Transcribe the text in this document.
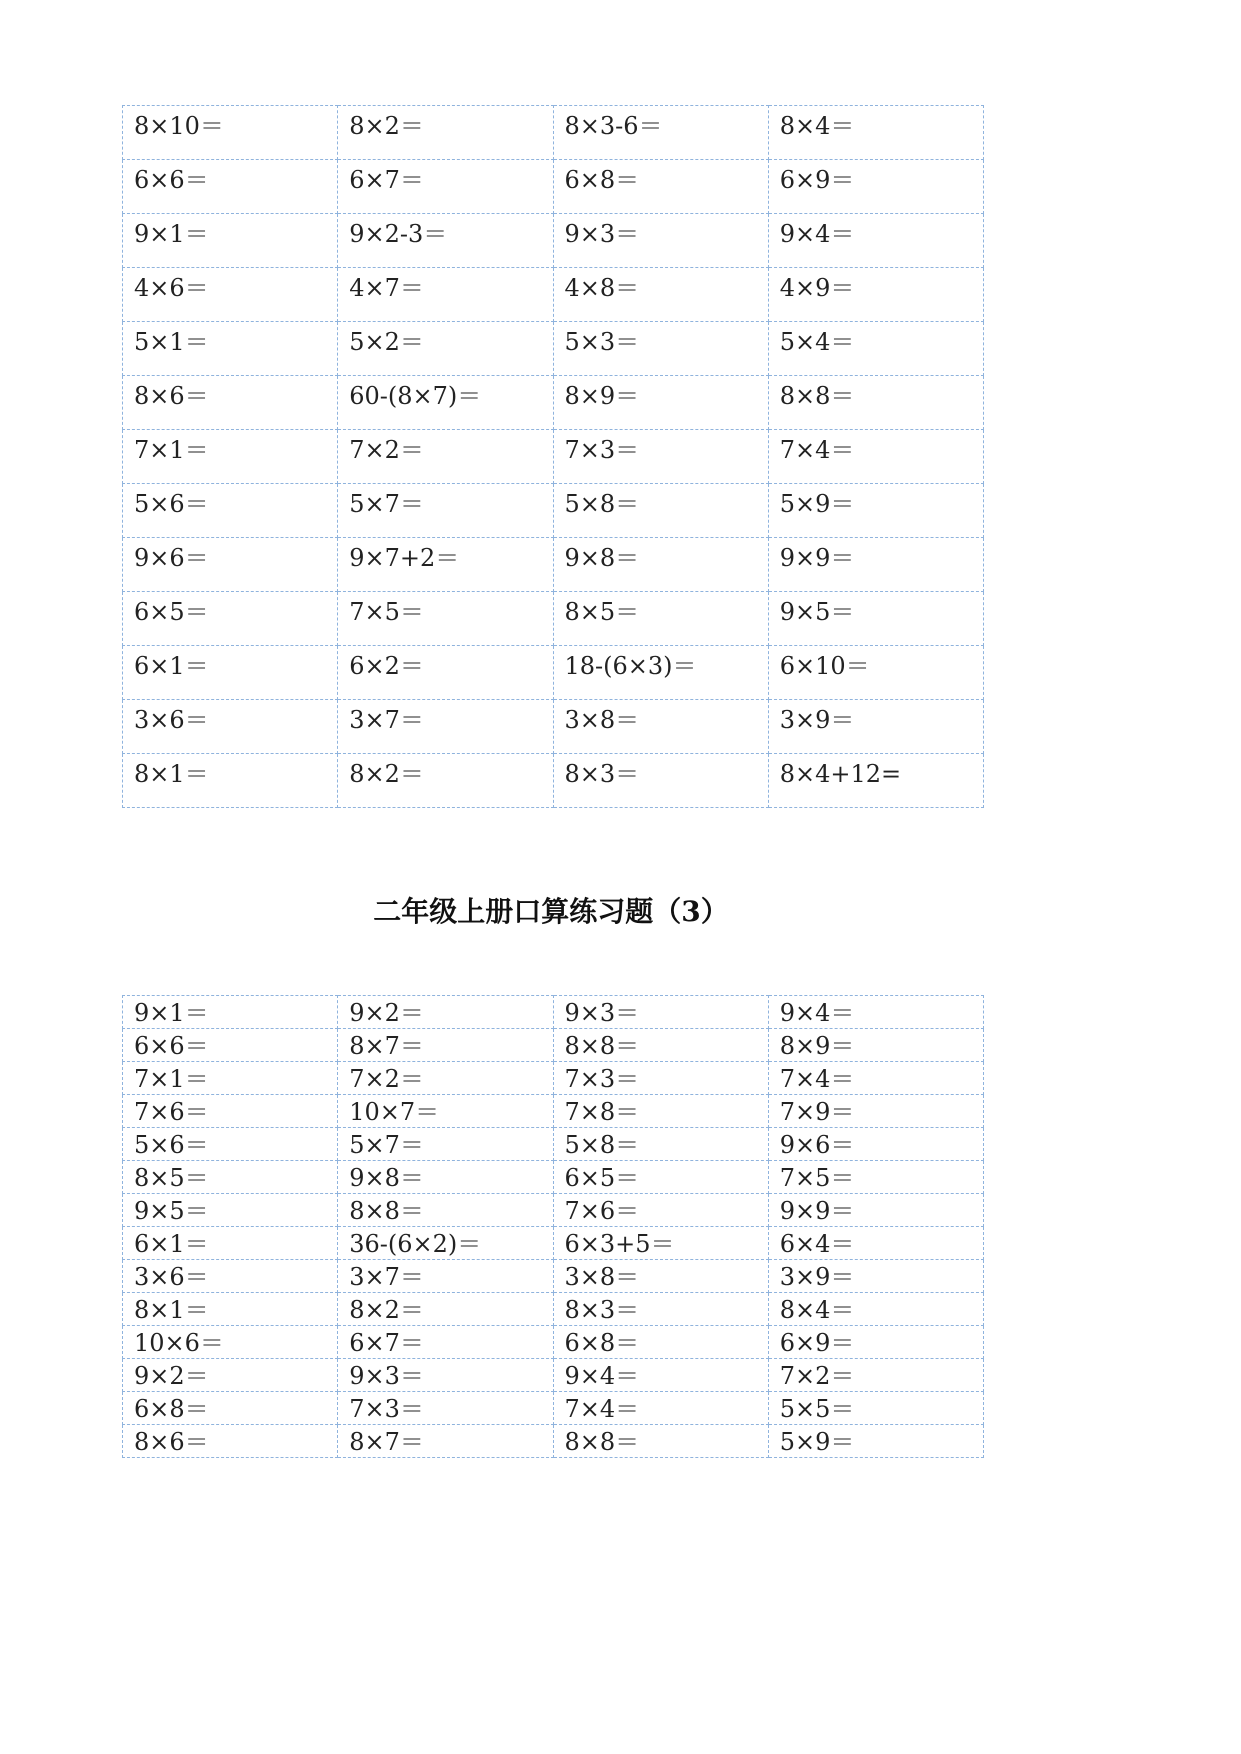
8×10＝	8×2＝	8×3-6＝	8×4＝
6×6＝	6×7＝	6×8＝	6×9＝
9×1＝	9×2-3＝	9×3＝	9×4＝
4×6＝	4×7＝	4×8＝	4×9＝
5×1＝	5×2＝	5×3＝	5×4＝
8×6＝	60-(8×7)＝	8×9＝	8×8＝
7×1＝	7×2＝	7×3＝	7×4＝
5×6＝	5×7＝	5×8＝	5×9＝
9×6＝	9×7+2＝	9×8＝	9×9＝
6×5＝	7×5＝	8×5＝	9×5＝
6×1＝	6×2＝	18-(6×3)＝	6×10＝
3×6＝	3×7＝	3×8＝	3×9＝
8×1＝	8×2＝	8×3＝	8×4+12=
二年级上册口算练习题（3）
9×1＝	9×2＝	9×3＝	9×4＝
6×6＝	8×7＝	8×8＝	8×9＝
7×1＝	7×2＝	7×3＝	7×4＝
7×6＝	10×7＝	7×8＝	7×9＝
5×6＝	5×7＝	5×8＝	9×6＝
8×5＝	9×8＝	6×5＝	7×5＝
9×5＝	8×8＝	7×6＝	9×9＝
6×1＝	36-(6×2)＝	6×3+5＝	6×4＝
3×6＝	3×7＝	3×8＝	3×9＝
8×1＝	8×2＝	8×3＝	8×4＝
10×6＝	6×7＝	6×8＝	6×9＝
9×2＝	9×3＝	9×4＝	7×2＝
6×8＝	7×3＝	7×4＝	5×5＝
8×6＝	8×7＝	8×8＝	5×9＝
